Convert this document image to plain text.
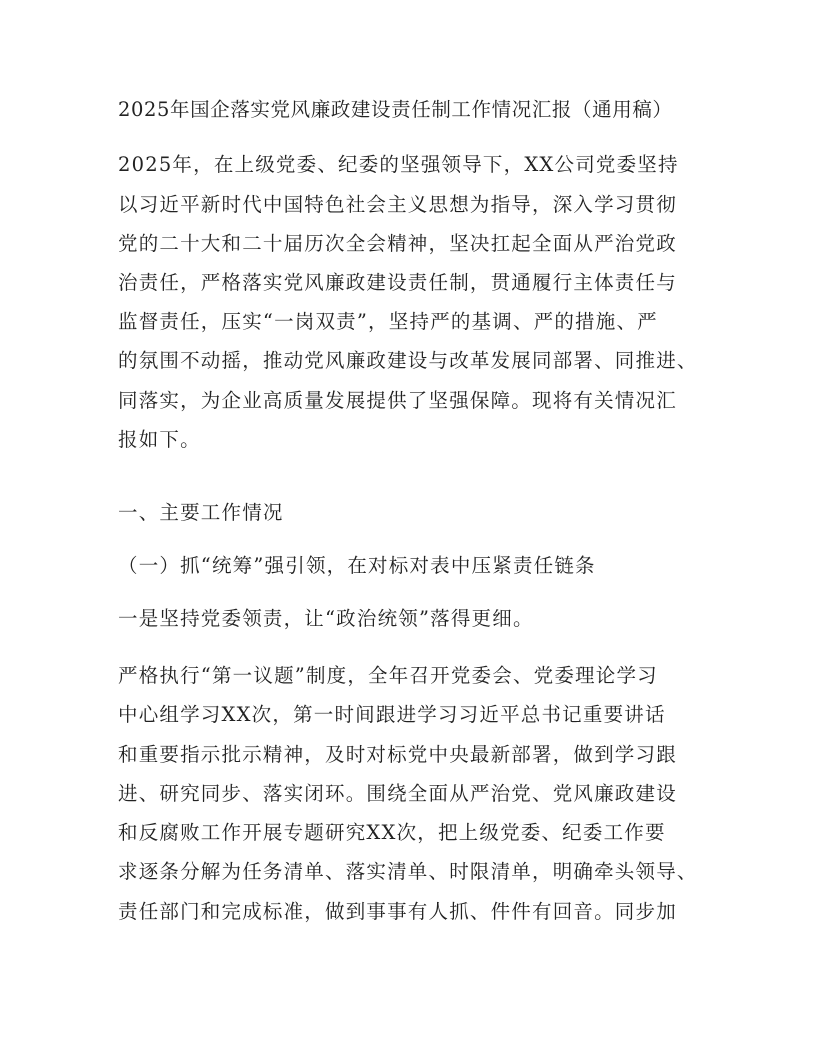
2025年国企落实党风廉政建设责任制工作情况汇报（通用稿）
2025年，在上级党委、纪委的坚强领导下，XX公司党委坚持
以习近平新时代中国特色社会主义思想为指导，深入学习贯彻
党的二十大和二十届历次全会精神，坚决扛起全面从严治党政
治责任，严格落实党风廉政建设责任制，贯通履行主体责任与
监督责任，压实“一岗双责”，坚持严的基调、严的措施、严
的氛围不动摇，推动党风廉政建设与改革发展同部署、同推进、
同落实，为企业高质量发展提供了坚强保障。现将有关情况汇
报如下。
一、主要工作情况
（一）抓“统筹”强引领，在对标对表中压紧责任链条
一是坚持党委领责，让“政治统领”落得更细。
严格执行“第一议题”制度，全年召开党委会、党委理论学习
中心组学习XX次，第一时间跟进学习习近平总书记重要讲话
和重要指示批示精神，及时对标党中央最新部署，做到学习跟
进、研究同步、落实闭环。围绕全面从严治党、党风廉政建设
和反腐败工作开展专题研究XX次，把上级党委、纪委工作要
求逐条分解为任务清单、落实清单、时限清单，明确牵头领导、
责任部门和完成标准，做到事事有人抓、件件有回音。同步加
